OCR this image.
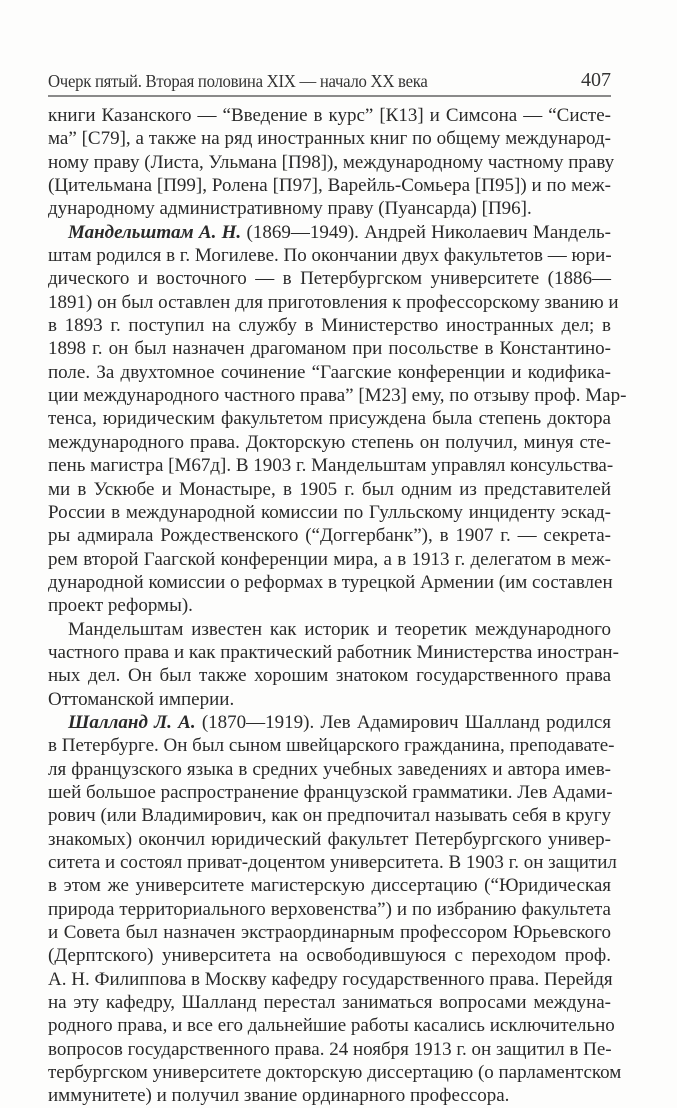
Очерк пятый. Вторая половина XIX — начало XX века	407
книги Казанского — “Введение в курс” [К13] и Симсона — “Систе-
ма” [С79], а также на ряд иностранных книг по общему международ-
ному праву (Листа, Ульмана [П98]), международному частному праву
(Цительмана [П99], Ролена [П97], Варейль-Сомьера [П95]) и по меж-
дународному административному праву (Пуансарда) [П96].
Мандельштам А. Н. (1869—1949). Андрей Николаевич Мандель-
штам родился в г. Могилеве. По окончании двух факультетов — юри-
дического и восточного — в Петербургском университете (1886—
1891) он был оставлен для приготовления к профессорскому званию и
в 1893 г. поступил на службу в Министерство иностранных дел; в
1898 г. он был назначен драгоманом при посольстве в Константино-
поле. За двухтомное сочинение “Гаагские конференции и кодифика-
ции международного частного права” [М23] ему, по отзыву проф. Мар-
тенса, юридическим факультетом присуждена была степень доктора
международного права. Докторскую степень он получил, минуя сте-
пень магистра [М67д]. В 1903 г. Мандельштам управлял консульства-
ми в Ускюбе и Монастыре, в 1905 г. был одним из представителей
России в международной комиссии по Гулльскому инциденту эскад-
ры адмирала Рождественского (“Доггербанк”), в 1907 г. — секрета-
рем второй Гаагской конференции мира, а в 1913 г. делегатом в меж-
дународной комиссии о реформах в турецкой Армении (им составлен
проект реформы).
Мандельштам известен как историк и теоретик международного
частного права и как практический работник Министерства иностран-
ных дел. Он был также хорошим знатоком государственного права
Оттоманской империи.
Шалланд Л. А. (1870—1919). Лев Адамирович Шалланд родился
в Петербурге. Он был сыном швейцарского гражданина, преподавате-
ля французского языка в средних учебных заведениях и автора имев-
шей большое распространение французской грамматики. Лев Адами-
рович (или Владимирович, как он предпочитал называть себя в кругу
знакомых) окончил юридический факультет Петербургского универ-
ситета и состоял приват-доцентом университета. В 1903 г. он защитил
в этом же университете магистерскую диссертацию (“Юридическая
природа территориального верховенства”) и по избранию факультета
и Совета был назначен экстраординарным профессором Юрьевского
(Дерптского) университета на освободившуюся с переходом проф.
А. Н. Филиппова в Москву кафедру государственного права. Перейдя
на эту кафедру, Шалланд перестал заниматься вопросами междуна-
родного права, и все его дальнейшие работы касались исключительно
вопросов государственного права. 24 ноября 1913 г. он защитил в Пе-
тербургском университете докторскую диссертацию (о парламентском
иммунитете) и получил звание ординарного профессора.
